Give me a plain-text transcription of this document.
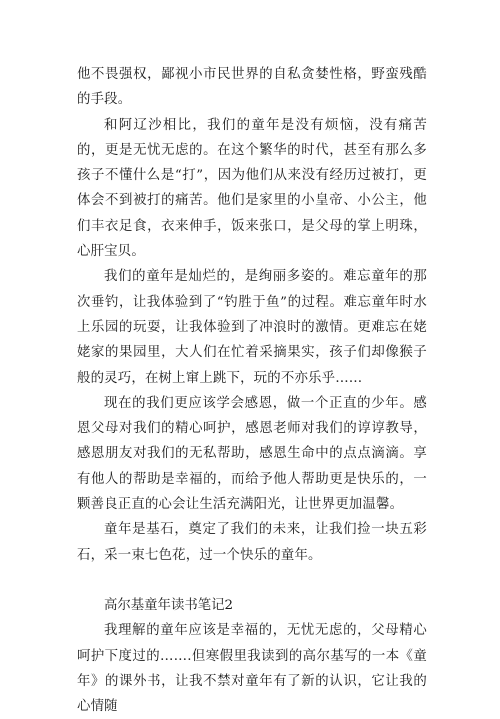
他不畏强权，鄙视小市民世界的自私贪婪性格，野蛮残酷的手段。

和阿辽沙相比，我们的童年是没有烦恼，没有痛苦的，更是无忧无虑的。在这个繁华的时代，甚至有那么多孩子不懂什么是“打”，因为他们从来没有经历过被打，更体会不到被打的痛苦。他们是家里的小皇帝、小公主，他们丰衣足食，衣来伸手，饭来张口，是父母的掌上明珠，心肝宝贝。

我们的童年是灿烂的，是绚丽多姿的。难忘童年的那次垂钓，让我体验到了“钓胜于鱼”的过程。难忘童年时水上乐园的玩耍，让我体验到了冲浪时的激情。更难忘在姥姥家的果园里，大人们在忙着采摘果实，孩子们却像猴子般的灵巧，在树上窜上跳下，玩的不亦乐乎……

现在的我们更应该学会感恩，做一个正直的少年。感恩父母对我们的精心呵护，感恩老师对我们的谆谆教导，感恩朋友对我们的无私帮助，感恩生命中的点点滴滴。享有他人的帮助是幸福的，而给予他人帮助更是快乐的，一颗善良正直的心会让生活充满阳光，让世界更加温馨。

童年是基石，奠定了我们的未来，让我们捡一块五彩石，采一束七色花，过一个快乐的童年。

高尔基童年读书笔记2

我理解的童年应该是幸福的，无忧无虑的，父母精心呵护下度过的…….但寒假里我读到的高尔基写的一本《童年》的课外书，让我不禁对童年有了新的认识，它让我的心情随
